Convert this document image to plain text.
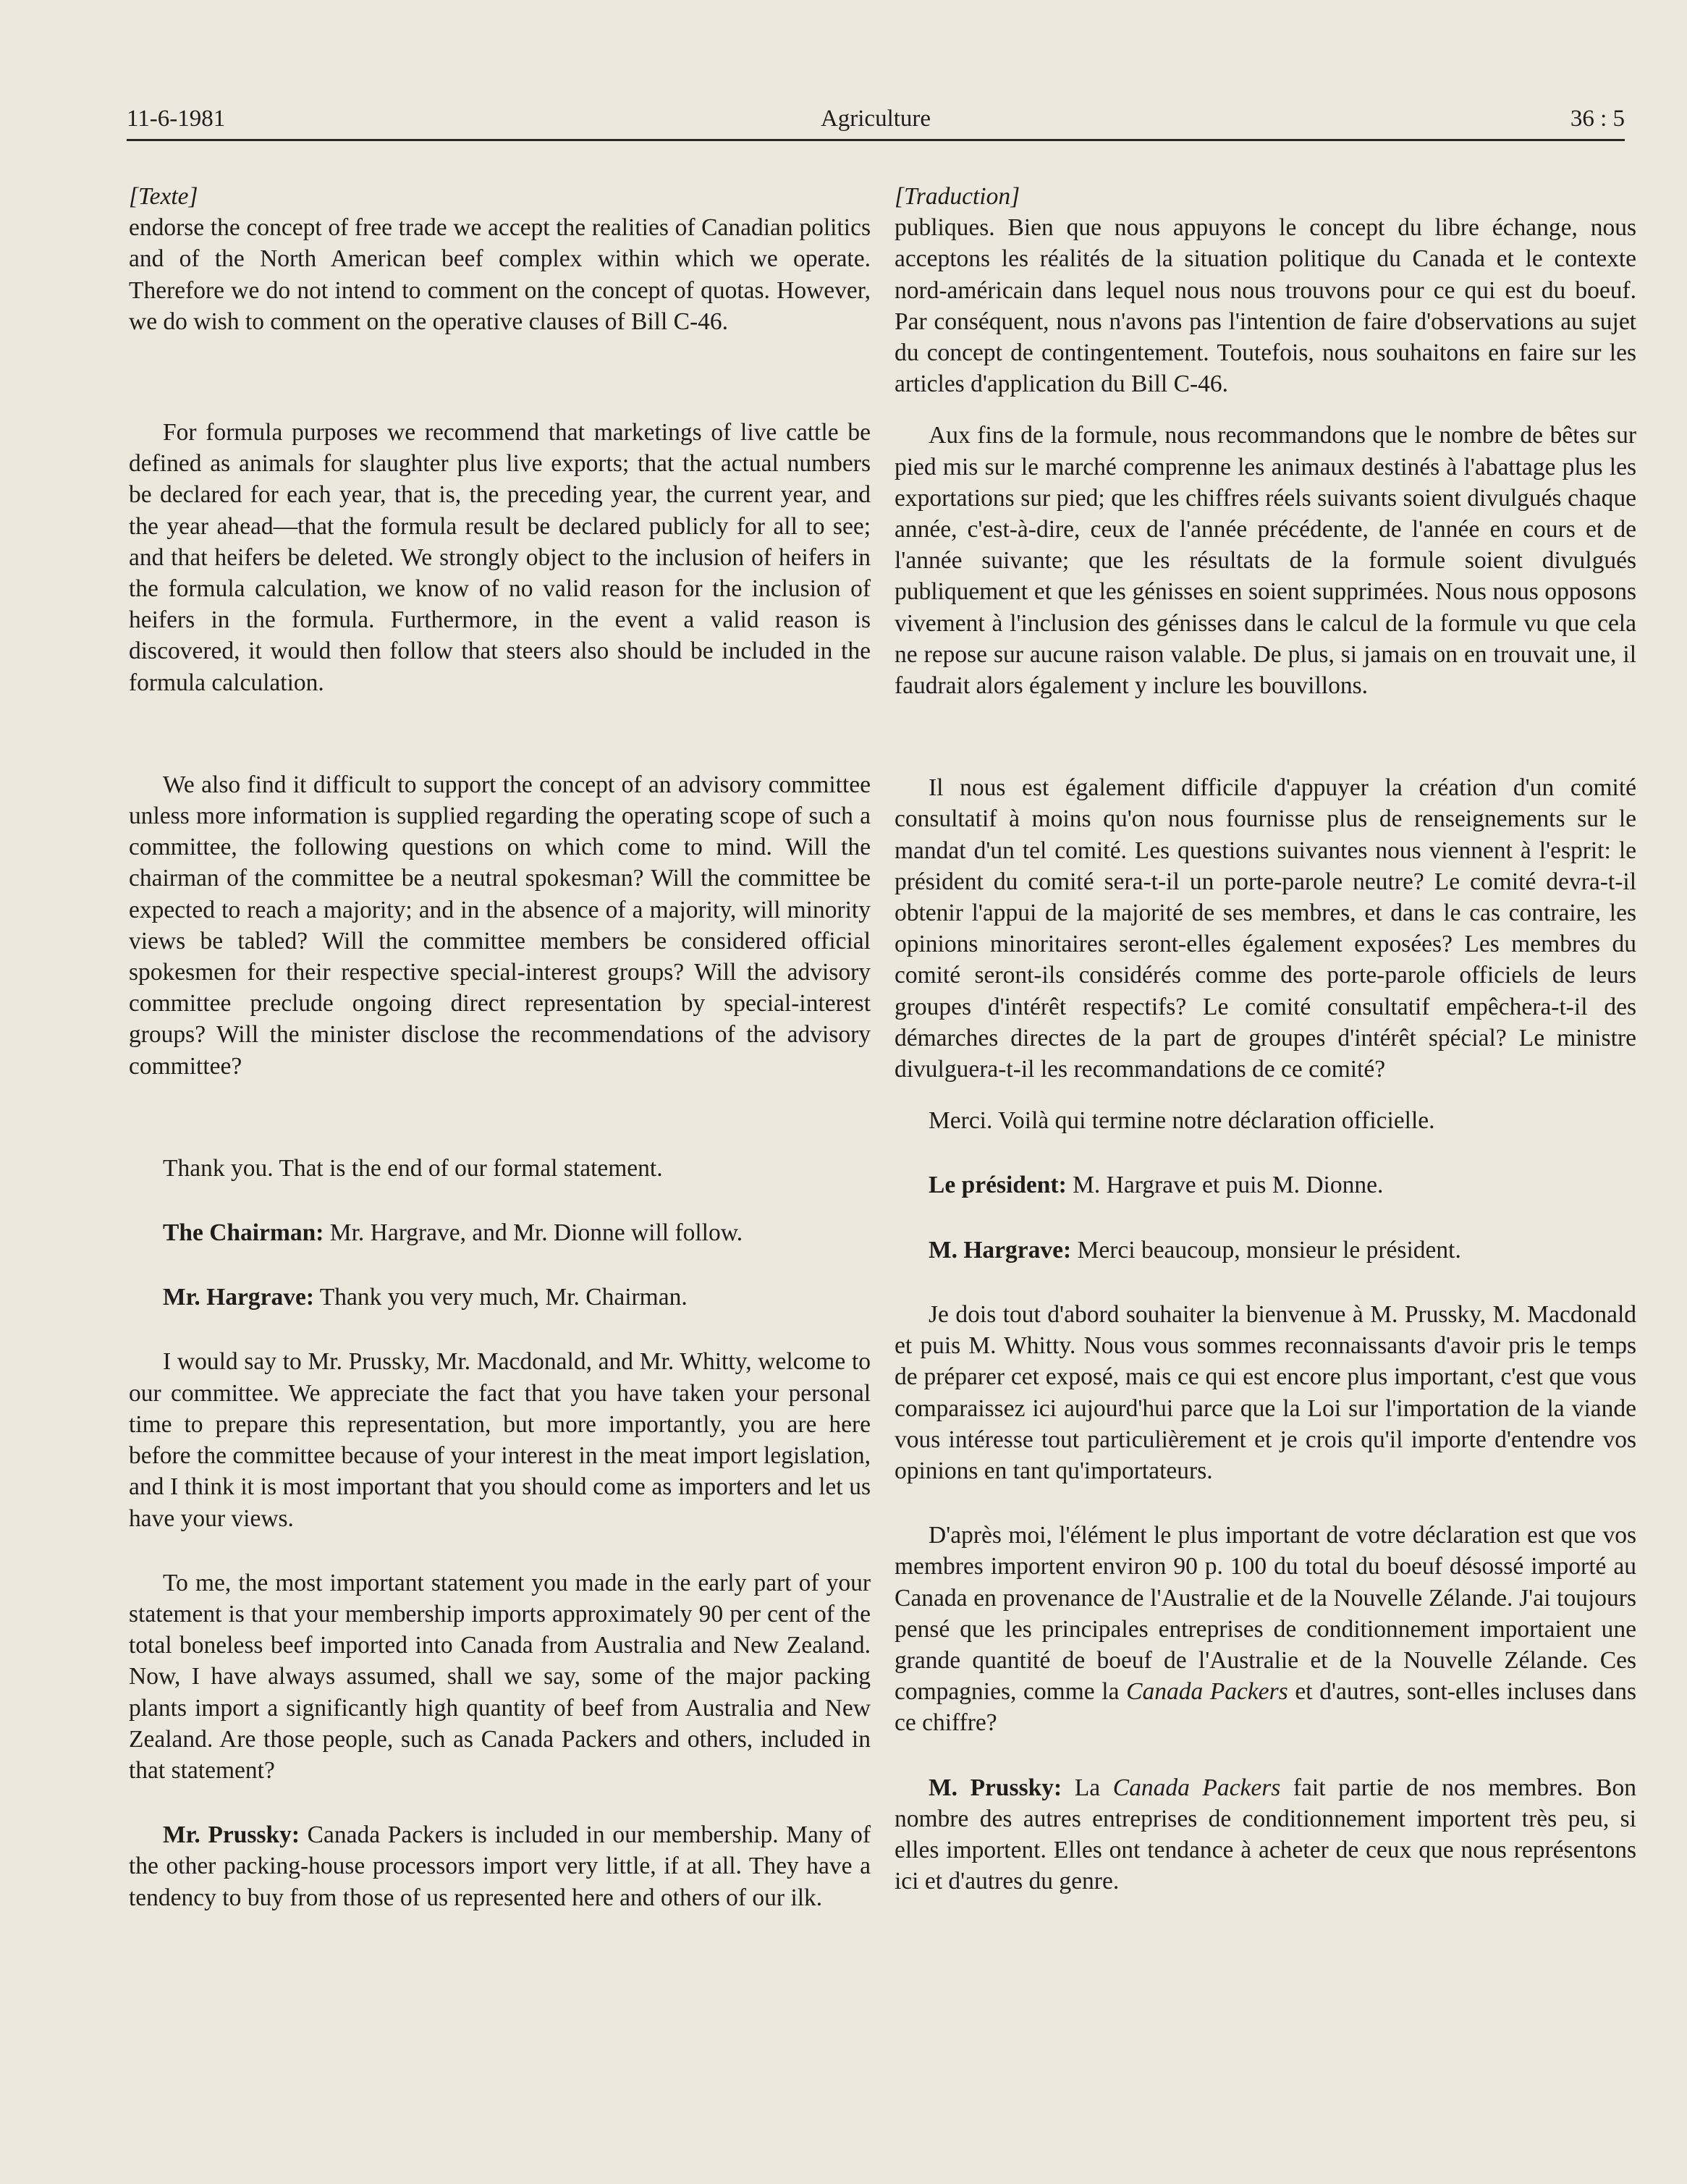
11-6-1981	Agriculture	36 : 5

[Texte]

endorse the concept of free trade we accept the realities of Canadian politics and of the North American beef complex within which we operate. Therefore we do not intend to comment on the concept of quotas. However, we do wish to comment on the operative clauses of Bill C-46.

For formula purposes we recommend that marketings of live cattle be defined as animals for slaughter plus live exports; that the actual numbers be declared for each year, that is, the preceding year, the current year, and the year ahead—that the formula result be declared publicly for all to see; and that heifers be deleted. We strongly object to the inclusion of heifers in the formula calculation, we know of no valid reason for the inclusion of heifers in the formula. Furthermore, in the event a valid reason is discovered, it would then follow that steers also should be included in the formula calculation.

We also find it difficult to support the concept of an advisory committee unless more information is supplied regarding the operating scope of such a committee, the following questions on which come to mind. Will the chairman of the committee be a neutral spokesman? Will the committee be expected to reach a majority; and in the absence of a majority, will minority views be tabled? Will the committee members be considered official spokesmen for their respective special-interest groups? Will the advisory committee preclude ongoing direct representation by special-interest groups? Will the minister disclose the recommendations of the advisory committee?

Thank you. That is the end of our formal statement.

The Chairman: Mr. Hargrave, and Mr. Dionne will follow.

Mr. Hargrave: Thank you very much, Mr. Chairman.

I would say to Mr. Prussky, Mr. Macdonald, and Mr. Whitty, welcome to our committee. We appreciate the fact that you have taken your personal time to prepare this representation, but more importantly, you are here before the committee because of your interest in the meat import legislation, and I think it is most important that you should come as importers and let us have your views.

To me, the most important statement you made in the early part of your statement is that your membership imports approximately 90 per cent of the total boneless beef imported into Canada from Australia and New Zealand. Now, I have always assumed, shall we say, some of the major packing plants import a significantly high quantity of beef from Australia and New Zealand. Are those people, such as Canada Packers and others, included in that statement?

Mr. Prussky: Canada Packers is included in our membership. Many of the other packing-house processors import very little, if at all. They have a tendency to buy from those of us represented here and others of our ilk.

[Traduction]

publiques. Bien que nous appuyons le concept du libre échange, nous acceptons les réalités de la situation politique du Canada et le contexte nord-américain dans lequel nous nous trouvons pour ce qui est du boeuf. Par conséquent, nous n'avons pas l'intention de faire d'observations au sujet du concept de contingentement. Toutefois, nous souhaitons en faire sur les articles d'application du Bill C-46.

Aux fins de la formule, nous recommandons que le nombre de bêtes sur pied mis sur le marché comprenne les animaux destinés à l'abattage plus les exportations sur pied; que les chiffres réels suivants soient divulgués chaque année, c'est-à-dire, ceux de l'année précédente, de l'année en cours et de l'année suivante; que les résultats de la formule soient divulgués publiquement et que les génisses en soient supprimées. Nous nous opposons vivement à l'inclusion des génisses dans le calcul de la formule vu que cela ne repose sur aucune raison valable. De plus, si jamais on en trouvait une, il faudrait alors également y inclure les bouvillons.

Il nous est également difficile d'appuyer la création d'un comité consultatif à moins qu'on nous fournisse plus de renseignements sur le mandat d'un tel comité. Les questions suivantes nous viennent à l'esprit: le président du comité sera-t-il un porte-parole neutre? Le comité devra-t-il obtenir l'appui de la majorité de ses membres, et dans le cas contraire, les opinions minoritaires seront-elles également exposées? Les membres du comité seront-ils considérés comme des porte-parole officiels de leurs groupes d'intérêt respectifs? Le comité consultatif empêchera-t-il des démarches directes de la part de groupes d'intérêt spécial? Le ministre divulguera-t-il les recommandations de ce comité?

Merci. Voilà qui termine notre déclaration officielle.

Le président: M. Hargrave et puis M. Dionne.

M. Hargrave: Merci beaucoup, monsieur le président.

Je dois tout d'abord souhaiter la bienvenue à M. Prussky, M. Macdonald et puis M. Whitty. Nous vous sommes reconnaissants d'avoir pris le temps de préparer cet exposé, mais ce qui est encore plus important, c'est que vous comparaissez ici aujourd'hui parce que la Loi sur l'importation de la viande vous intéresse tout particulièrement et je crois qu'il importe d'entendre vos opinions en tant qu'importateurs.

D'après moi, l'élément le plus important de votre déclaration est que vos membres importent environ 90 p. 100 du total du boeuf désossé importé au Canada en provenance de l'Australie et de la Nouvelle Zélande. J'ai toujours pensé que les principales entreprises de conditionnement importaient une grande quantité de boeuf de l'Australie et de la Nouvelle Zélande. Ces compagnies, comme la Canada Packers et d'autres, sont-elles incluses dans ce chiffre?

M. Prussky: La Canada Packers fait partie de nos membres. Bon nombre des autres entreprises de conditionnement importent très peu, si elles importent. Elles ont tendance à acheter de ceux que nous représentons ici et d'autres du genre.
